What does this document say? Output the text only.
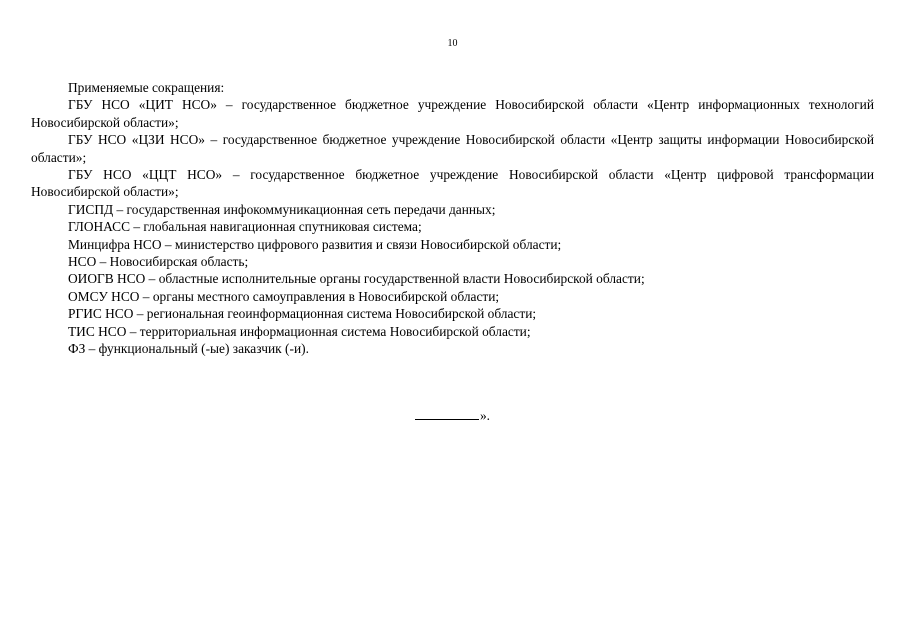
10

Применяемые сокращения:

ГБУ НСО «ЦИТ НСО» – государственное бюджетное учреждение Новосибирской области «Центр информационных технологий Новосибирской области»;

ГБУ НСО «ЦЗИ НСО» – государственное бюджетное учреждение Новосибирской области «Центр защиты информации Новосибирской области»;

ГБУ НСО «ЦЦТ НСО» – государственное бюджетное учреждение Новосибирской области «Центр цифровой трансформации Новосибирской области»;

ГИСПД – государственная инфокоммуникационная сеть передачи данных;

ГЛОНАСС – глобальная навигационная спутниковая система;

Минцифра НСО – министерство цифрового развития и связи Новосибирской области;

НСО – Новосибирская область;

ОИОГВ НСО – областные исполнительные органы государственной власти Новосибирской области;

ОМСУ НСО – органы местного самоуправления в Новосибирской области;

РГИС НСО – региональная геоинформационная система Новосибирской области;

ТИС НСО – территориальная информационная система Новосибирской области;

ФЗ – функциональный (-ые) заказчик (-и).

».
